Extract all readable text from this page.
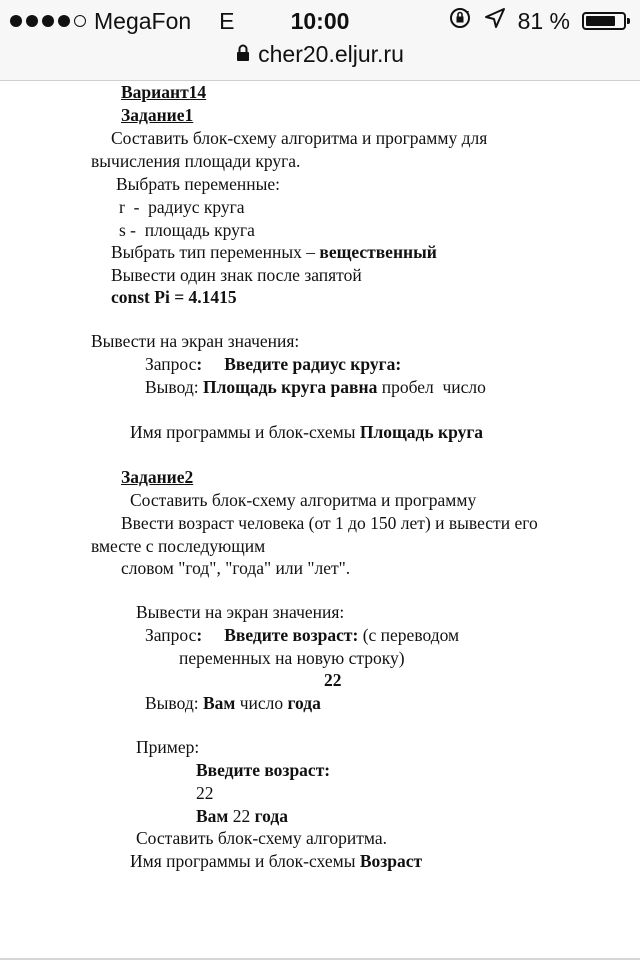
MegaFon E	10:00	81 %
cher20.eljur.ru
Вариант14
Задание1
Составить блок-схему алгоритма и программу для
вычисления площади круга.
Выбрать переменные:
r  -  радиус круга
s -  площадь круга
Выбрать тип переменных – вещественный
Вывести один знак после запятой
const Pi = 4.1415
Вывести на экран значения:
Запрос: Введите радиус круга:
Вывод: Площадь круга равна пробел  число
Имя программы и блок-схемы Площадь круга
Задание2
Составить блок-схему алгоритма и программу
Ввести возраст человека (от 1 до 150 лет) и вывести его
вместе с последующим
словом "год", "года" или "лет".
Вывести на экран значения:
Запрос: Введите возраст: (с переводом
переменных на новую строку)
22
Вывод: Вам число года
Пример:
Введите возраст:
22
Вам 22 года
Составить блок-схему алгоритма.
Имя программы и блок-схемы Возраст
